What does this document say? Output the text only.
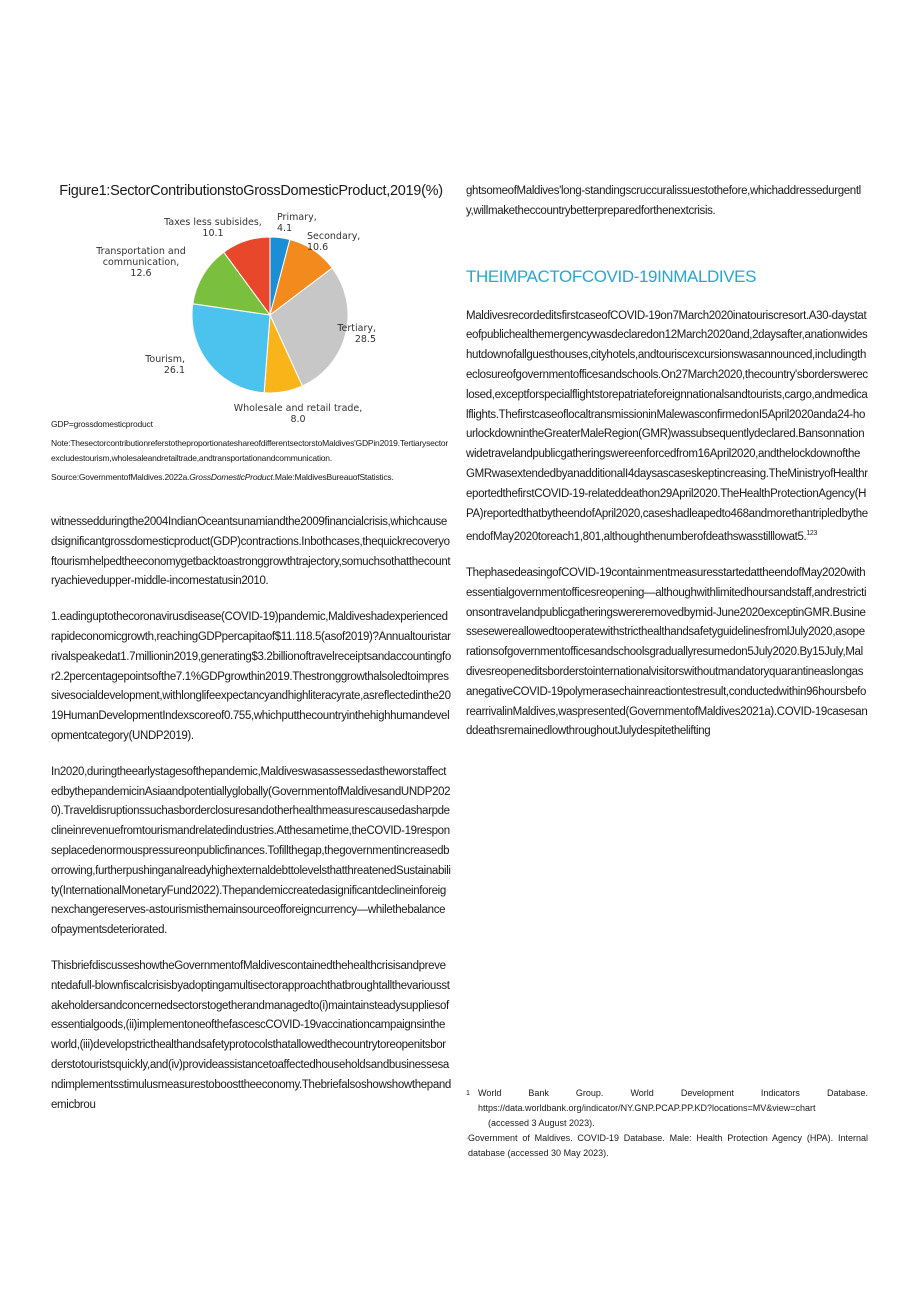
Figure1:SectorContributionstoGrossDomesticProduct,2019(%)

Primary, 4.1
Secondary, 10.6
Tertiary, 28.5
Wholesale and retail trade, 8.0
Tourism, 26.1
Transportation and communication, 12.6
Taxes less subisides, 10.1

GDP=grossdomesticproduct

Note:ThesectorcontributionreferstotheproportionateshareofdifferentsectorstoMaldives'GDPin2019.Tertiarysectorexcludestourism,wholesaleandretailtrade,andtransportationandcommunication.

Source:GovernmentofMaldives.2022a.GrossDomesticProduct.Male:MaldivesBureauofStatistics.

witnessedduringthe2004IndianOceantsunamiandthe2009financialcrisis,whichcausedsignificantgrossdomesticproduct(GDP)contractions.Inbothcases,thequickrecoveryoftourismhelpedtheeconomygetbacktoastronggrowthtrajectory,somuchsothatthecountryachievedupper-middle-incomestatusin2010.

1.eadinguptothecoronavirusdisease(COVID-19)pandemic,Maldiveshadexperiencedrapideconomicgrowth,reachingGDPpercapitaof$11.118.5(asof2019)?Annualtouristarrivalspeakedat1.7millionin2019,generating$3.2billionoftravelreceiptsandaccountingfor2.2percentagepointsofthe7.1%GDPgrowthin2019.Thestronggrowthalsoledtoimpressivesocialdevelopment,withlonglifeexpectancyandhighliteracyrate,asreflectedinthe2019HumanDevelopmentIndexscoreof0.755,whichputthecountryinthehighhumandevelopmentcategory(UNDP2019).

In2020,duringtheearlystagesofthepandemic,MaldiveswasassessedastheworstaffectedbythepandemicinAsiaandpotentiallyglobally(GovernmentofMaldivesandUNDP2020).Traveldisruptionssuchasborderclosuresandotherhealthmeasurescausedasharpdeclineinrevenuefromtourismandrelatedindustries.Atthesametime,theCOVID-19responseplacedenormouspressureonpublicfinances.Tofillthegap,thegovernmentincreasedborrowing,furtherpushinganalreadyhighexternaldebttolevelsthatthreatenedSustainability(InternationalMonetaryFund2022).Thepandemiccreatedasignificantdeclineinforeignexchangereserves-astourismisthemainsourceofforeigncurrency—whilethebalanceofpaymentsdeteriorated.

ThisbriefdiscusseshowtheGovernmentofMaldivescontainedthehealthcrisisandpreventedafull-blownfiscalcrisisbyadoptingamultisectorapproachthatbroughtallthevariousstakeholdersandconcernedsectorstogetherandmanagedto(i)maintainsteadysuppliesofessentialgoods,(ii)implementoneofthefascescCOVID-19vaccinationcampaignsintheworld,(iii)developstricthealthandsafetyprotocolsthatallowedthecountrytoreopenitsborderstotouristsquickly,and(iv)provideassistancetoaffectedhouseholdsandbusinessesandimplementsstimulusmeasurestoboosttheeconomy.Thebriefalsoshowshowthepandemicbrou

ghtsomeofMaldives'long-standingscruccuralissuestothefore,whichaddressedurgently,willmaketheccountrybetterpreparedforthenextcrisis.

THEIMPACTOFCOVID-19INMALDIVES

MaldivesrecordeditsfirstcaseofCOVID-19on7March2020inatouriscresort.A30-daystateofpublichealthemergencywasdeclaredon12March2020and,2daysafter,anationwideshutdownofallguesthouses,cityhotels,andtouriscexcursionswasannounced,includingtheclosureofgovernmentofficesandschools.On27March2020,thecountry'sborderswereclosed,exceptforspecialflightstorepatriateforeignnationalsandtourists,cargo,andmedicalflights.ThefirstcaseoflocaltransmissioninMalewasconfirmedonI5April2020anda24-hourlockdownintheGreaterMaleRegion(GMR)wassubsequentlydeclared.Bansonnationwidetravelandpublicgatheringswereenforcedfrom16April2020,andthelockdownoftheGMRwasextendedbyanadditionalI4daysascaseskeptincreasing.TheMinistryofHealthreportedthefirstCOVID-19-relateddeathon29April2020.TheHealthProtectionAgency(HPA)reportedthatbytheendofApril2020,caseshadleapedto468andmorethantripledbytheendofMay2020toreach1,801,althoughthenumberofdeathswasstilllowat5.$^{123}$

ThephasedeasingofCOVID-19containmentmeasuresstartedattheendofMay2020withessentialgovernmentofficesreopening—althoughwithlimitedhoursandstaff,andrestrictionsontravelandpublicgatheringswereremovedbymid-June2020exceptinGMR.BusinessesewereallowedtooperatewithstricthealthandsafetyguidelinesfromlJuly2020,asoperationsofgovernmentofficesandschoolsgraduallyresumedon5July2020.By15July,MaldivesreopeneditsborderstointernationalvisitorswithoutmandatoryquarantineaslongasanegativeCOVID-19polymerasechainreactiontestresult,conductedwithin96hoursbeforearrivalinMaldives,waspresented(GovernmentofMaldives2021a).COVID-19casesanddeathsremainedlowthroughoutJulydespitethelifting

1 World Bank Group. World Development Indicators Database. https://data.worldbank.org/indicator/NY.GNP.PCAP.PP.KD?locations=MV&view=chart
(accessed 3 August 2023).
· Government of Maldives. COVID-19 Database. Male: Health Protection Agency (HPA). Internal database (accessed 30 May 2023).
